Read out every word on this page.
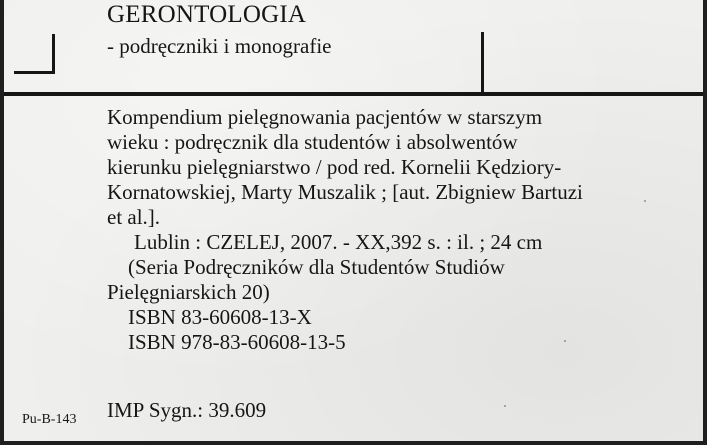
GERONTOLOGIA
- podręczniki i monografie
Kompendium pielęgnowania pacjentów w starszym
wieku : podręcznik dla studentów i absolwentów
kierunku pielęgniarstwo / pod red. Kornelii Kędziory-
Kornatowskiej, Marty Muszalik ; [aut. Zbigniew Bartuzi
et al.].
Lublin : CZELEJ, 2007. - XX,392 s. : il. ; 24 cm
(Seria Podręczników dla Studentów Studiów
Pielęgniarskich 20)
ISBN 83-60608-13-X
ISBN 978-83-60608-13-5
Pu-B-143 IMP Sygn.: 39.609
